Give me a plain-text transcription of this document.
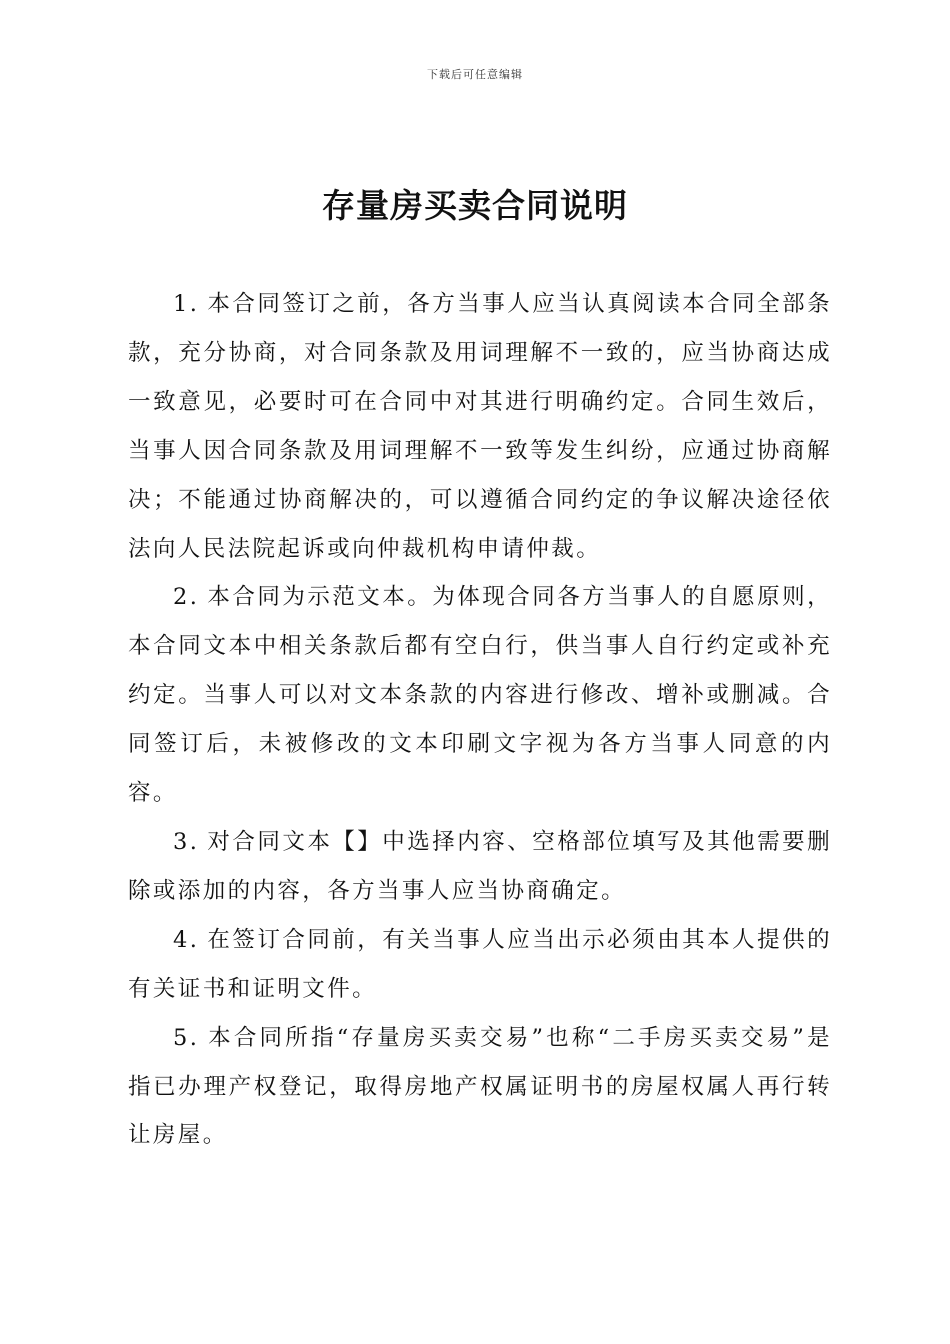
下载后可任意编辑
存量房买卖合同说明

1. 本合同签订之前，各方当事人应当认真阅读本合同全部条款，充分协商，对合同条款及用词理解不一致的，应当协商达成一致意见，必要时可在合同中对其进行明确约定。合同生效后，当事人因合同条款及用词理解不一致等发生纠纷，应通过协商解决；不能通过协商解决的，可以遵循合同约定的争议解决途径依法向人民法院起诉或向仲裁机构申请仲裁。

2. 本合同为示范文本。为体现合同各方当事人的自愿原则，本合同文本中相关条款后都有空白行，供当事人自行约定或补充约定。当事人可以对文本条款的内容进行修改、增补或删减。合同签订后，未被修改的文本印刷文字视为各方当事人同意的内容。

3. 对合同文本【】中选择内容、空格部位填写及其他需要删除或添加的内容，各方当事人应当协商确定。

4. 在签订合同前，有关当事人应当出示必须由其本人提供的有关证书和证明文件。

5. 本合同所指“存量房买卖交易”也称“二手房买卖交易”是指已办理产权登记，取得房地产权属证明书的房屋权属人再行转让房屋。
